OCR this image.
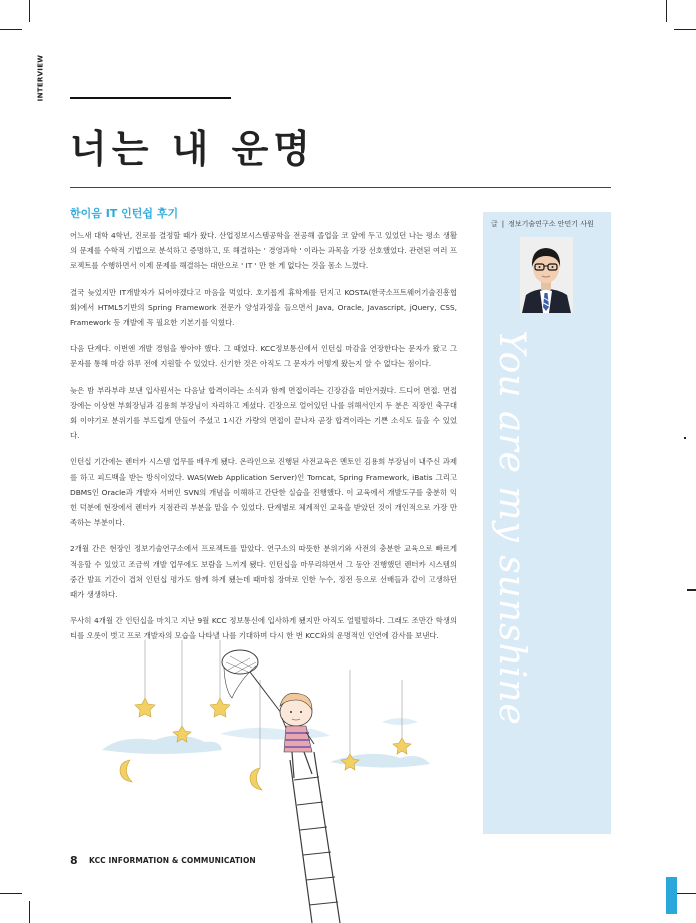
INTERVIEW
너는 내 운명
한이음 IT 인턴쉽 후기

어느새 대학 4학년, 진로를 결정할 때가 왔다. 산업정보시스템공학을 전공해 졸업을 코 앞에 두고 있었던 나는 평소 생활의 문제를 수학적 기법으로 분석하고 증명하고, 또 해결하는 ' 경영과학 ' 이라는 과목을 가장 선호했었다. 관련된 여러 프로젝트를 수행하면서 이제 문제를 해결하는 대안으로 ' IT ' 만 한 게 없다는 것을 몸소 느꼈다.

결국 늦었지만 IT개발자가 되어야겠다고 마음을 먹었다. 호기롭게 휴학계를 던지고 KOSTA(한국소프트웨어기술진흥협회)에서 HTML5기반의 Spring Framework 전문가 양성과정을 들으면서 Java, Oracle, Javascript, jQuery, CSS, Framework 등 개발에 꼭 필요한 기본기를 익혔다.

다음 단계다. 이번엔 개발 경험을 쌓아야 했다. 그 때였다. KCC정보통신에서 인턴십 마감을 연장한다는 문자가 왔고 그 문자를 통해 마감 하루 전에 지원할 수 있었다. 신기한 것은 아직도 그 문자가 어떻게 왔는지 알 수 없다는 점이다.

늦은 밤 부라부랴 보낸 입사원서는 다음날 합격이라는 소식과 함께 면접이라는 긴장감을 떠안겨줬다. 드디어 면접. 면접장에는 이상현 부회장님과 김용희 부장님이 자리하고 계셨다. 긴장으로 얼어있던 나를 위해서인지 두 분은 직장인 축구대회 이야기로 분위기를 부드럽게 만들어 주셨고 1시간 가량의 면접이 끝나자 곧장 합격이라는 기쁜 소식도 들을 수 있었다.

인턴십 기간에는 렌터카 시스템 업무를 배우게 됐다. 온라인으로 진행된 사전교육은 멘토인 김용희 부장님이 내주신 과제를 하고 피드백을 받는 방식이었다. WAS(Web Application Server)인 Tomcat, Spring Framework, iBatis 그리고 DBMS인 Oracle과 개발자 서버인 SVN의 개념을 이해하고 간단한 실습을 진행했다. 이 교육에서 개발도구를 충분히 익힌 덕분에 현장에서 렌터카 지점관리 부분을 맡을 수 있었다. 단계별로 체계적인 교육을 받았던 것이 개인적으로 가장 만족하는 부분이다.

2개월 간은 현장인 정보기술연구소에서 프로젝트를 맡았다. 연구소의 따뜻한 분위기와 사전의 충분한 교육으로 빠르게 적응할 수 있었고 조금씩 개발 업무에도 보람을 느끼게 됐다. 인턴십을 마무리하면서 그 동안 진행했던 렌터카 시스템의 중간 발표 기간이 겹쳐 인턴십 평가도 함께 하게 됐는데 때마침 장마로 인한 누수, 정전 등으로 선배들과 같이 고생하던 때가 생생하다.

무사히 4개월 간 인턴십을 마치고 지난 9월 KCC 정보통신에 입사하게 됐지만 아직도 얼떨떨하다. 그래도 조만간 학생의 티를 오롯이 벗고 프로 개발자의 모습을 나타낼 나를 기대하며 다시 한 번 KCC와의 운명적인 인연에 감사를 보낸다.

글 | 정보기술연구소 안민기 사원
You are my sunshine
8 KCC INFORMATION & COMMUNICATION
